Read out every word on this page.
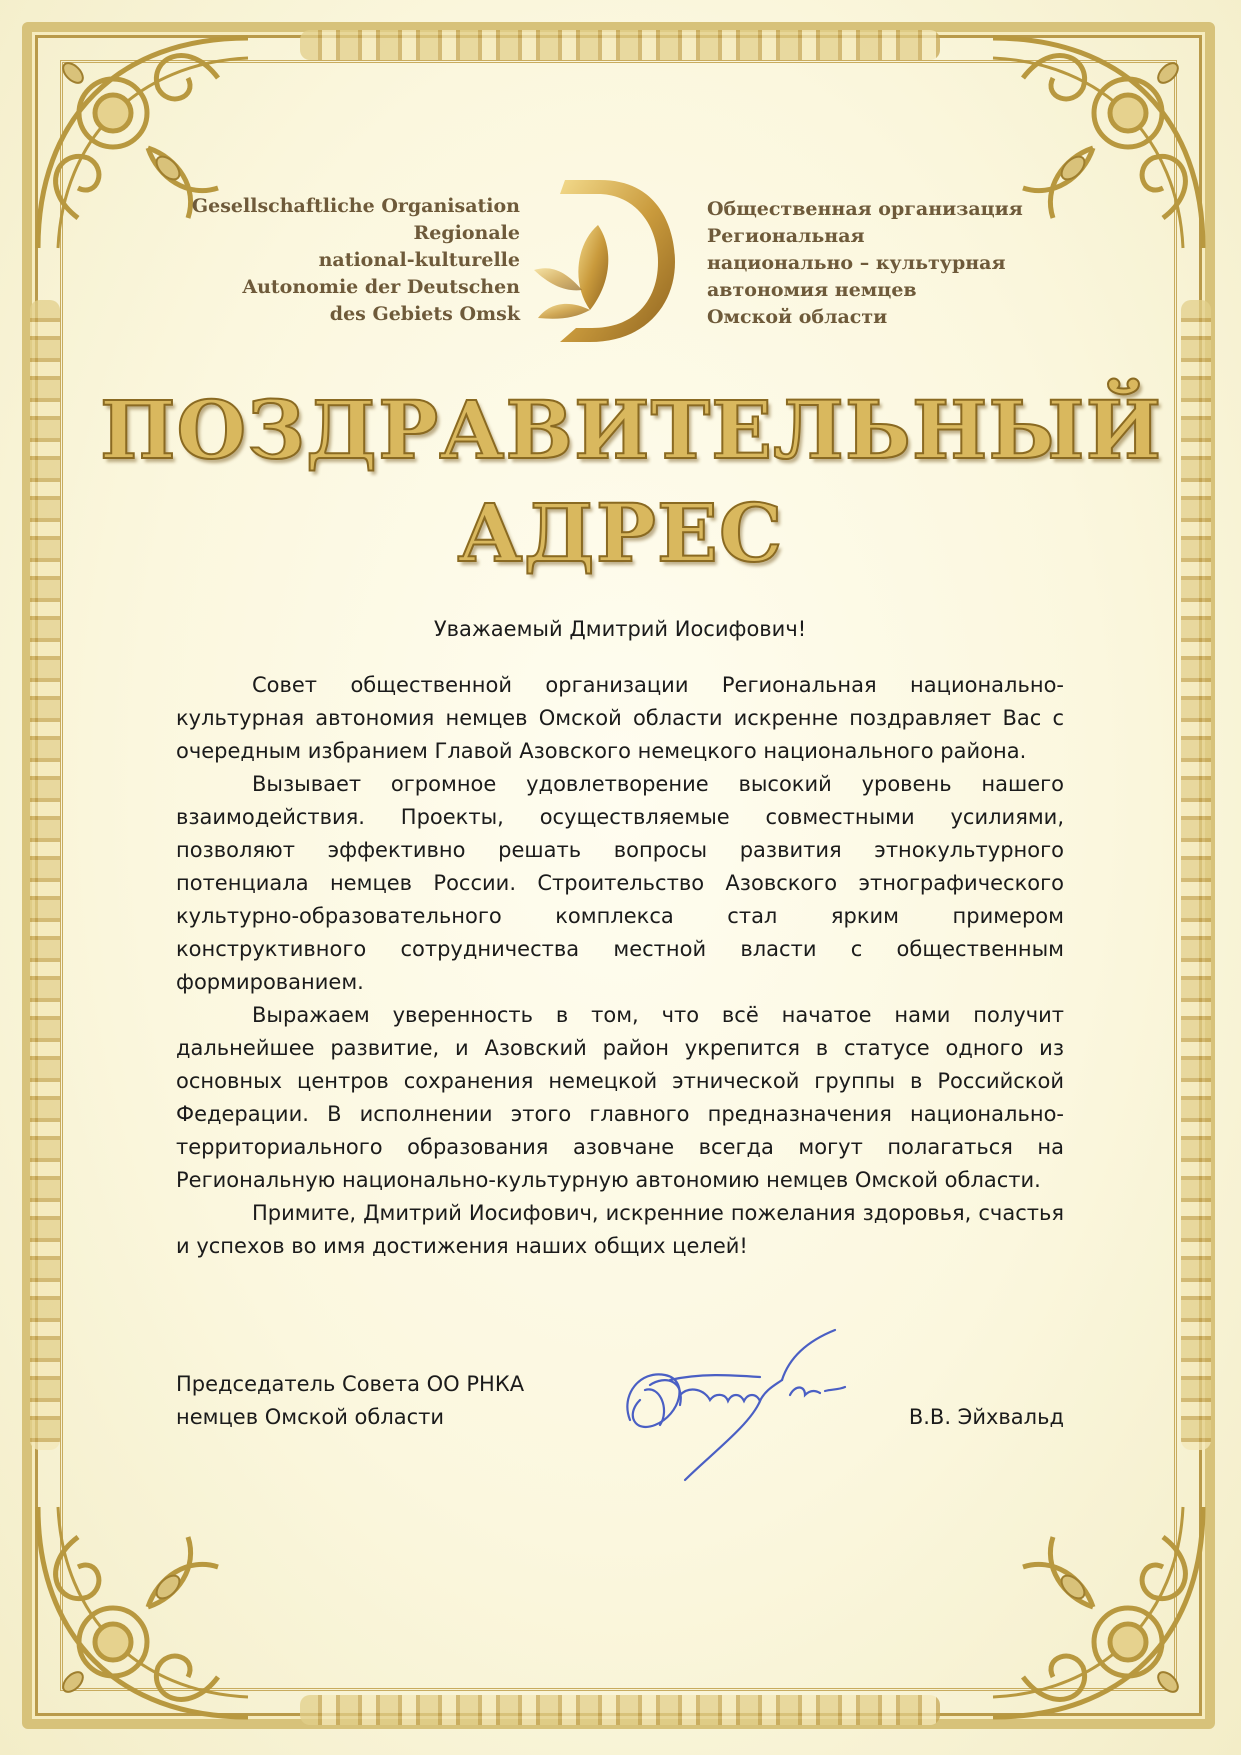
Gesellschaftliche Organisation
Regionale
national-kulturelle
Autonomie der Deutschen
des Gebiets Omsk
Общественная организация
Региональная
национально – культурная
автономия немцев
Омской области
ПОЗДРАВИТЕЛЬНЫЙ
АДРЕС
Уважаемый Дмитрий Иосифович!

Совет общественной организации Региональная национально-культурная автономия немцев Омской области искренне поздравляет Вас с очередным избранием Главой Азовского немецкого национального района.

Вызывает огромное удовлетворение высокий уровень нашего взаимодействия. Проекты, осуществляемые совместными усилиями, позволяют эффективно решать вопросы развития этнокультурного потенциала немцев России. Строительство Азовского этнографического культурно-образовательного комплекса стал ярким примером конструктивного сотрудничества местной власти с общественным формированием.

Выражаем уверенность в том, что всё начатое нами получит дальнейшее развитие, и Азовский район укрепится в статусе одного из основных центров сохранения немецкой этнической группы в Российской Федерации. В исполнении этого главного предназначения национально-территориального образования азовчане всегда могут полагаться на Региональную национально-культурную автономию немцев Омской области.

Примите, Дмитрий Иосифович, искренние пожелания здоровья, счастья и успехов во имя достижения наших общих целей!

Председатель Совета ОО РНКА
немцев Омской области	В.В. Эйхвальд
